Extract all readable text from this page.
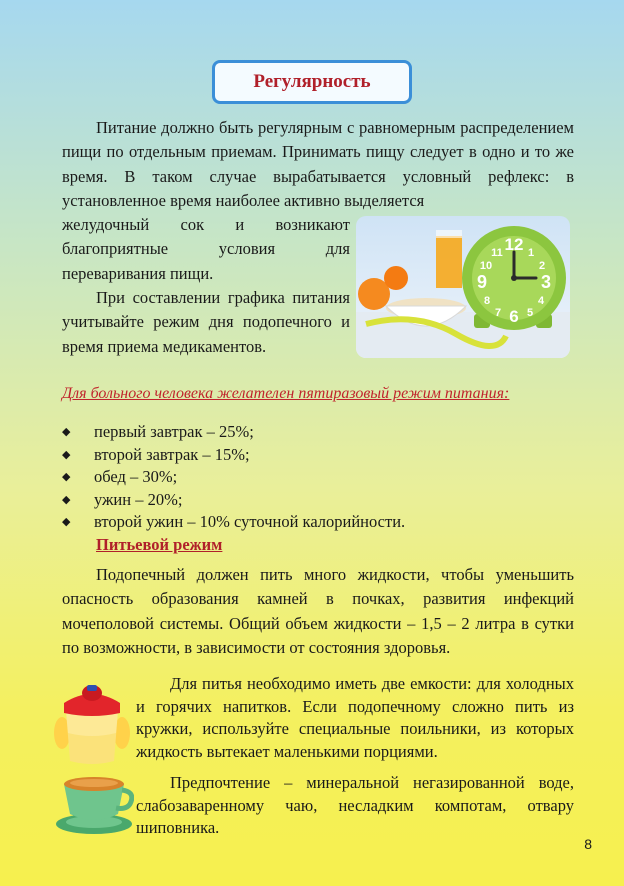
Регулярность
Питание должно быть регулярным с равномерным распределением пищи по отдельным приемам. Принимать пищу следует в одно и то же время. В таком случае вырабатывается условный рефлекс: в установленное время наиболее активно выделяется
желудочный сок и возникают благоприятные условия для переваривания пищи.
При составлении графика питания учитывайте режим дня подопечного и время приема медикаментов.
12 1
2
3
4
5
6
7
8
9
10
11
Для больного человека желателен пятиразовый режим питания:
◆ первый завтрак – 25%;
◆ второй завтрак – 15%;
◆ обед – 30%;
◆ ужин – 20%;
◆ второй ужин – 10% суточной калорийности.
Питьевой режим
Подопечный должен пить много жидкости, чтобы уменьшить опасность образования камней в почках, развития инфекций мочеполовой системы. Общий объем жидкости – 1,5 – 2 литра в сутки по возможности, в зависимости от состояния здоровья.
Для питья необходимо иметь две емкости: для холодных и горячих напитков. Если подопечному сложно пить из кружки, используйте специальные поильники, из которых жидкость вытекает маленькими порциями.
Предпочтение – минеральной негазированной воде, слабозаваренному чаю, несладким компотам, отвару шиповника.
8
